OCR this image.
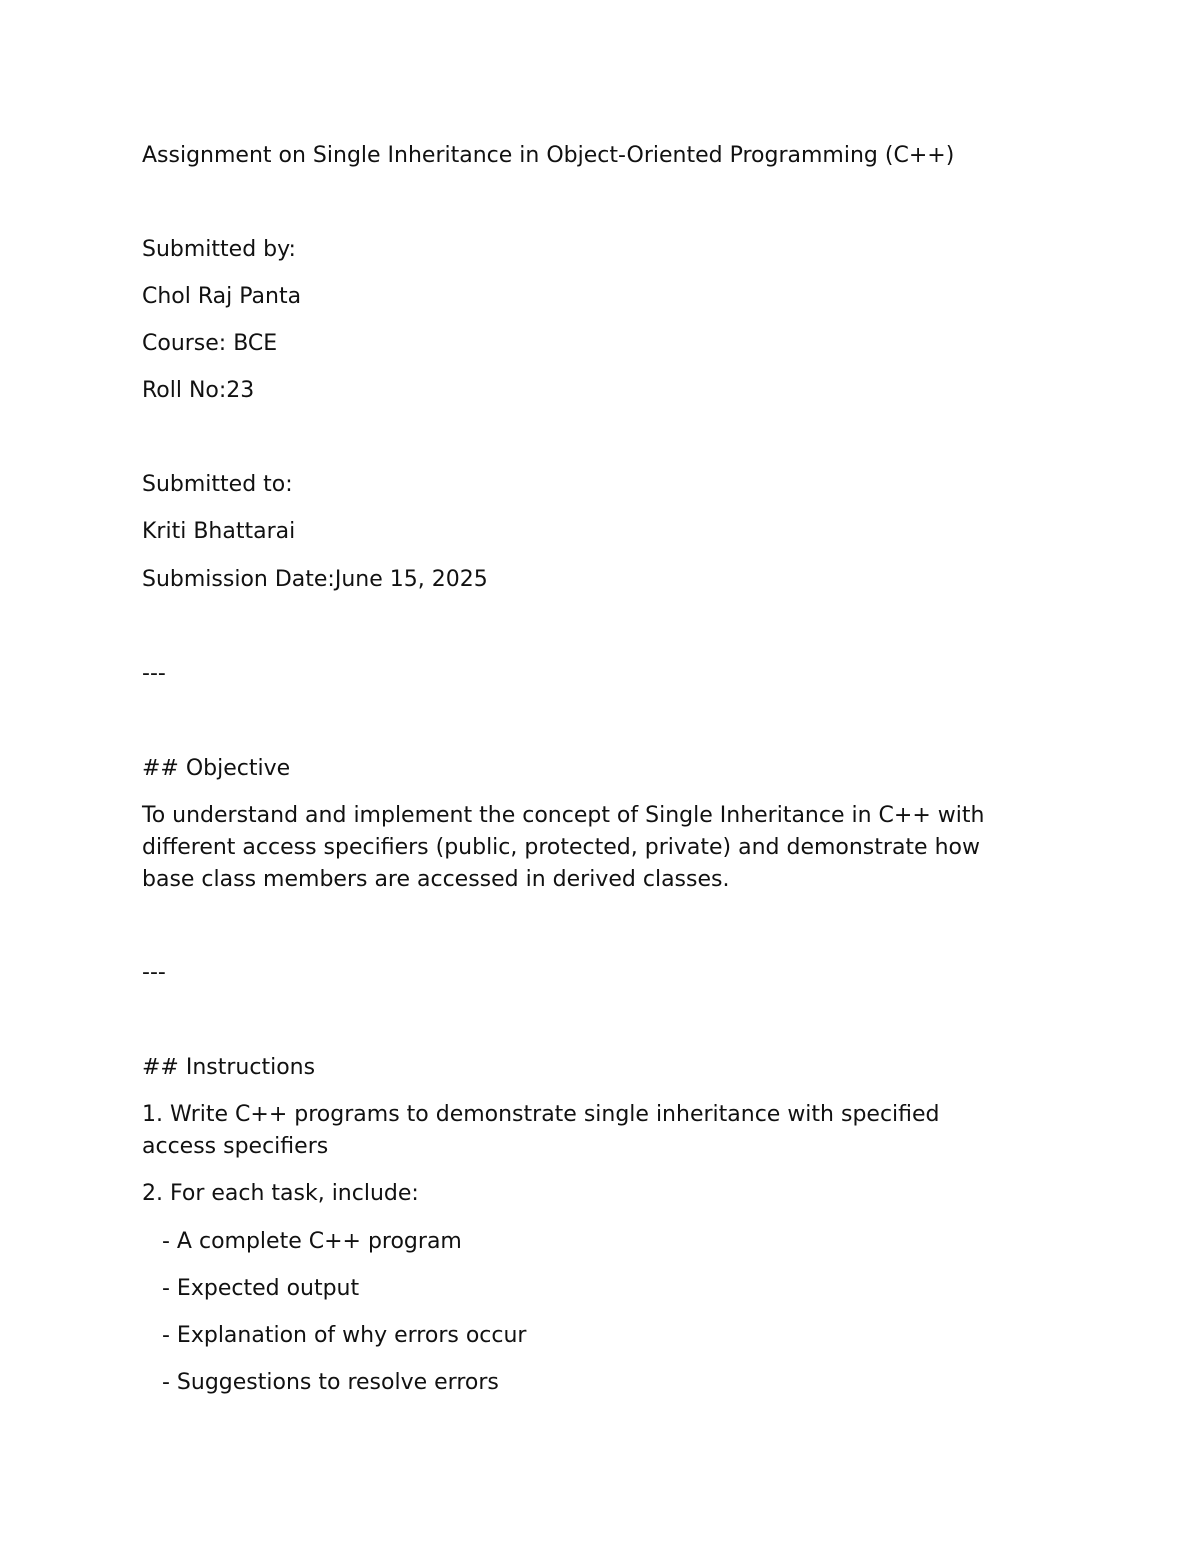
Assignment on Single Inheritance in Object-Oriented Programming (C++)

Submitted by:

Chol Raj Panta

Course: BCE

Roll No:23

Submitted to:

Kriti Bhattarai

Submission Date:June 15, 2025

---

## Objective

To understand and implement the concept of Single Inheritance in C++ with

different access specifiers (public, protected, private) and demonstrate how

base class members are accessed in derived classes.

---

## Instructions

1. Write C++ programs to demonstrate single inheritance with specified

access specifiers

2. For each task, include:

- A complete C++ program

- Expected output

- Explanation of why errors occur

- Suggestions to resolve errors
